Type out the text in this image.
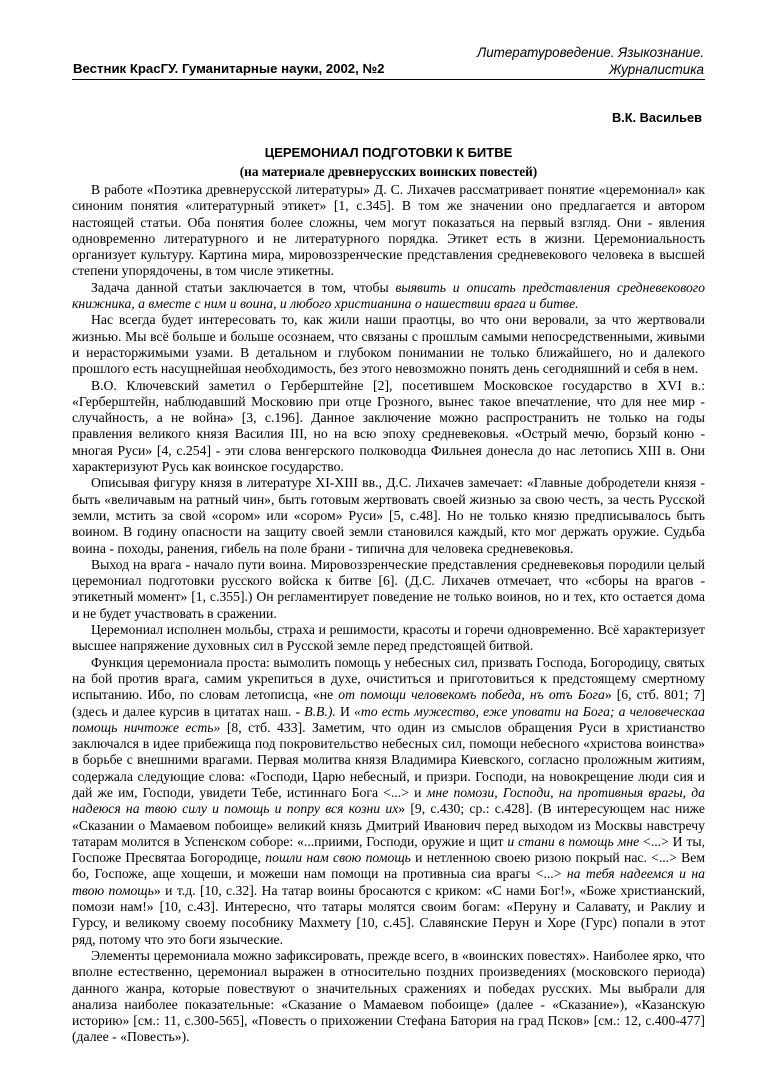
Вестник КрасГУ. Гуманитарные науки, 2002, №2
Литературоведение. Языкознание.
Журналистика
В.К. Васильев
ЦЕРЕМОНИАЛ ПОДГОТОВКИ К БИТВЕ
(на материале древнерусских воинских повестей)

В работе «Поэтика древнерусской литературы» Д. С. Лихачев рассматривает понятие «церемониал» как синоним понятия «литературный этикет» [1, с.345]. В том же значении оно предлагается и автором настоящей статьи. Оба понятия более сложны, чем могут показаться на первый взгляд. Они - явления одновременно литературного и не литературного порядка. Этикет есть в жизни. Церемониальность организует культуру. Картина мира, мировоззренческие представления средневекового человека в высшей степени упорядочены, в том числе этикетны.

Задача данной статьи заключается в том, чтобы выявить и описать представления средневекового книжника, а вместе с ним и воина, и любого христианина о нашествии врага и битве.

Нас всегда будет интересовать то, как жили наши праотцы, во что они веровали, за что жертвовали жизнью. Мы всё больше и больше осознаем, что связаны с прошлым самыми непосредственными, живыми и нерасторжимыми узами. В детальном и глубоком понимании не только ближайшего, но и далекого прошлого есть насущнейшая необходимость, без этого невозможно понять день сегодняшний и себя в нем.

В.О. Ключевский заметил о Герберштейне [2], посетившем Московское государство в XVI в.: «Герберштейн, наблюдавший Московию при отце Грозного, вынес такое впечатление, что для нее мир - случайность, а не война» [3, с.196]. Данное заключение можно распространить не только на годы правления великого князя Василия III, но на всю эпоху средневековья. «Острый мечю, борзый коню - многая Руси» [4, с.254] - эти слова венгерского полководца Фильнея донесла до нас летопись XIII в. Они характеризуют Русь как воинское государство.

Описывая фигуру князя в литературе XI-XIII вв., Д.С. Лихачев замечает: «Главные добродетели князя - быть «величавым на ратный чин», быть готовым жертвовать своей жизнью за свою честь, за честь Русской земли, мстить за свой «сором» или «сором» Руси» [5, с.48]. Но не только князю предписывалось быть воином. В годину опасности на защиту своей земли становился каждый, кто мог держать оружие. Судьба воина - походы, ранения, гибель на поле брани - типична для человека средневековья.

Выход на врага - начало пути воина. Мировоззренческие представления средневековья породили целый церемониал подготовки русского войска к битве [6]. (Д.С. Лихачев отмечает, что «сборы на врагов - этикетный момент» [1, с.355].) Он регламентирует поведение не только воинов, но и тех, кто остается дома и не будет участвовать в сражении.

Церемониал исполнен мольбы, страха и решимости, красоты и горечи одновременно. Всё характеризует высшее напряжение духовных сил в Русской земле перед предстоящей битвой.

Функция церемониала проста: вымолить помощь у небесных сил, призвать Господа, Богородицу, святых на бой против врага, самим укрепиться в духе, очиститься и приготовиться к предстоящему смертному испытанию. Ибо, по словам летописца, «не от помощи человекомъ победа, нъ отъ Бога» [6, стб. 801; 7] (здесь и далее курсив в цитатах наш. - В.В.). И «то есть мужество, еже уповати на Бога; а человеческаа помощь ничтоже есть» [8, стб. 433]. Заметим, что один из смыслов обращения Руси в христианство заключался в идее прибежища под покровительство небесных сил, помощи небесного «христова воинства» в борьбе с внешними врагами. Первая молитва князя Владимира Киевского, согласно проложным житиям, содержала следующие слова: «Господи, Царю небесный, и призри. Господи, на новокрещение люди сия и дай же им, Господи, увидети Тебе, истиннаго Бога <...> и мне помози, Господи, на противныя врагы, да надеюся на твою силу и помощь и попру вся козни их» [9, с.430; ср.: с.428]. (В интересующем нас ниже «Сказании о Мамаевом побоище» великий князь Дмитрий Иванович перед выходом из Москвы навстречу татарам молится в Успенском соборе: «...приими, Господи, оружие и щит и стани в помощь мне <...> И ты, Госпоже Пресвятаа Богородице, пошли нам свою помощь и нетленною своею ризою покрый нас. <...> Вем бо, Госпоже, аще хощеши, и можеши нам помощи на противныа сиа врагы <...> на тебя надеемся и на твою помощь» и т.д. [10, с.32]. На татар воины бросаются с криком: «С нами Бог!», «Боже христианский, помози нам!» [10, с.43]. Интересно, что татары молятся своим богам: «Перуну и Салавату, и Раклиу и Гурсу, и великому своему пособнику Махмету [10, с.45]. Славянские Перун и Хоре (Гурс) попали в этот ряд, потому что это боги языческие.

Элементы церемониала можно зафиксировать, прежде всего, в «воинских повестях». Наиболее ярко, что вполне естественно, церемониал выражен в относительно поздних произведениях (московского периода) данного жанра, которые повествуют о значительных сражениях и победах русских. Мы выбрали для анализа наиболее показательные: «Сказание о Мамаевом побоище» (далее - «Сказание»), «Казанскую историю» [см.: 11, с.300-565], «Повесть о прихожении Стефана Батория на град Псков» [см.: 12, с.400-477] (далее - «Повесть»).
